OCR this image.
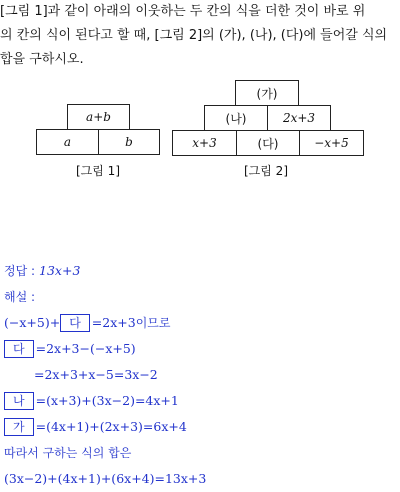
[그림 1]과 같이 아래의 이웃하는 두 칸의 식을 더한 것이 바로 위
의 칸의 식이 된다고 할 때, [그림 2]의 (가), (나), (다)에 들어갈 식의
합을 구하시오.
a+b
a	b
[그림 1]
(가)
(나)	2x+3
x+3	(다)	−x+5
[그림 2]
정답 : 13x+3
해설 :
(−x+5)+ 다 =2x+3이므로
다 =2x+3−(−x+5)
=2x+3+x−5=3x−2
나 =(x+3)+(3x−2)=4x+1
가 =(4x+1)+(2x+3)=6x+4
따라서 구하는 식의 합은
(3x−2)+(4x+1)+(6x+4)=13x+3
